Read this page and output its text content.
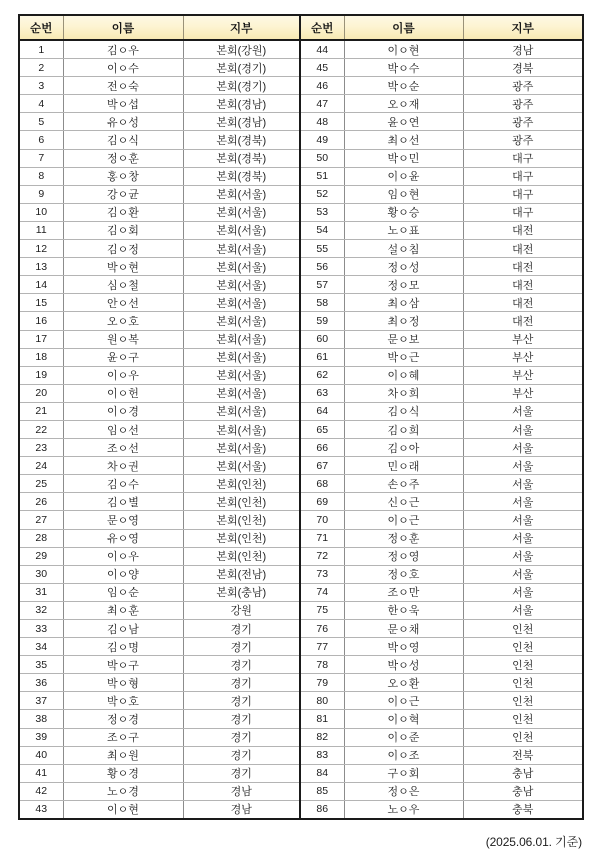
순번	이름	지부	순번	이름	지부
1	김ㅇ우	본회(강원)	44	이ㅇ현	경남
2	이ㅇ수	본회(경기)	45	박ㅇ수	경북
3	전ㅇ숙	본회(경기)	46	박ㅇ순	광주
4	박ㅇ섭	본회(경남)	47	오ㅇ재	광주
5	유ㅇ성	본회(경남)	48	윤ㅇ연	광주
6	김ㅇ식	본회(경북)	49	최ㅇ선	광주
7	정ㅇ훈	본회(경북)	50	박ㅇ민	대구
8	홍ㅇ창	본회(경북)	51	이ㅇ윤	대구
9	강ㅇ균	본회(서울)	52	임ㅇ현	대구
10	김ㅇ환	본회(서울)	53	황ㅇ승	대구
11	김ㅇ회	본회(서울)	54	노ㅇ표	대전
12	김ㅇ정	본회(서울)	55	설ㅇ침	대전
13	박ㅇ현	본회(서울)	56	정ㅇ성	대전
14	심ㅇ철	본회(서울)	57	정ㅇ모	대전
15	안ㅇ선	본회(서울)	58	최ㅇ삼	대전
16	오ㅇ호	본회(서울)	59	최ㅇ정	대전
17	원ㅇ복	본회(서울)	60	문ㅇ보	부산
18	윤ㅇ구	본회(서울)	61	박ㅇ근	부산
19	이ㅇ우	본회(서울)	62	이ㅇ혜	부산
20	이ㅇ헌	본회(서울)	63	차ㅇ희	부산
21	이ㅇ경	본회(서울)	64	김ㅇ식	서울
22	임ㅇ선	본회(서울)	65	김ㅇ희	서울
23	조ㅇ선	본회(서울)	66	김ㅇ아	서울
24	차ㅇ권	본회(서울)	67	민ㅇ래	서울
25	김ㅇ수	본회(인천)	68	손ㅇ주	서울
26	김ㅇ별	본회(인천)	69	신ㅇ근	서울
27	문ㅇ영	본회(인천)	70	이ㅇ근	서울
28	유ㅇ영	본회(인천)	71	정ㅇ훈	서울
29	이ㅇ우	본회(인천)	72	정ㅇ영	서울
30	이ㅇ양	본회(전남)	73	정ㅇ호	서울
31	임ㅇ순	본회(충남)	74	조ㅇ만	서울
32	최ㅇ훈	강원	75	한ㅇ욱	서울
33	김ㅇ남	경기	76	문ㅇ채	인천
34	김ㅇ명	경기	77	박ㅇ영	인천
35	박ㅇ구	경기	78	박ㅇ성	인천
36	박ㅇ형	경기	79	오ㅇ환	인천
37	박ㅇ호	경기	80	이ㅇ근	인천
38	정ㅇ경	경기	81	이ㅇ혁	인천
39	조ㅇ구	경기	82	이ㅇ준	인천
40	최ㅇ원	경기	83	이ㅇ조	전북
41	황ㅇ경	경기	84	구ㅇ회	충남
42	노ㅇ경	경남	85	정ㅇ은	충남
43	이ㅇ현	경남	86	노ㅇ우	충북
(2025.06.01. 기준)
